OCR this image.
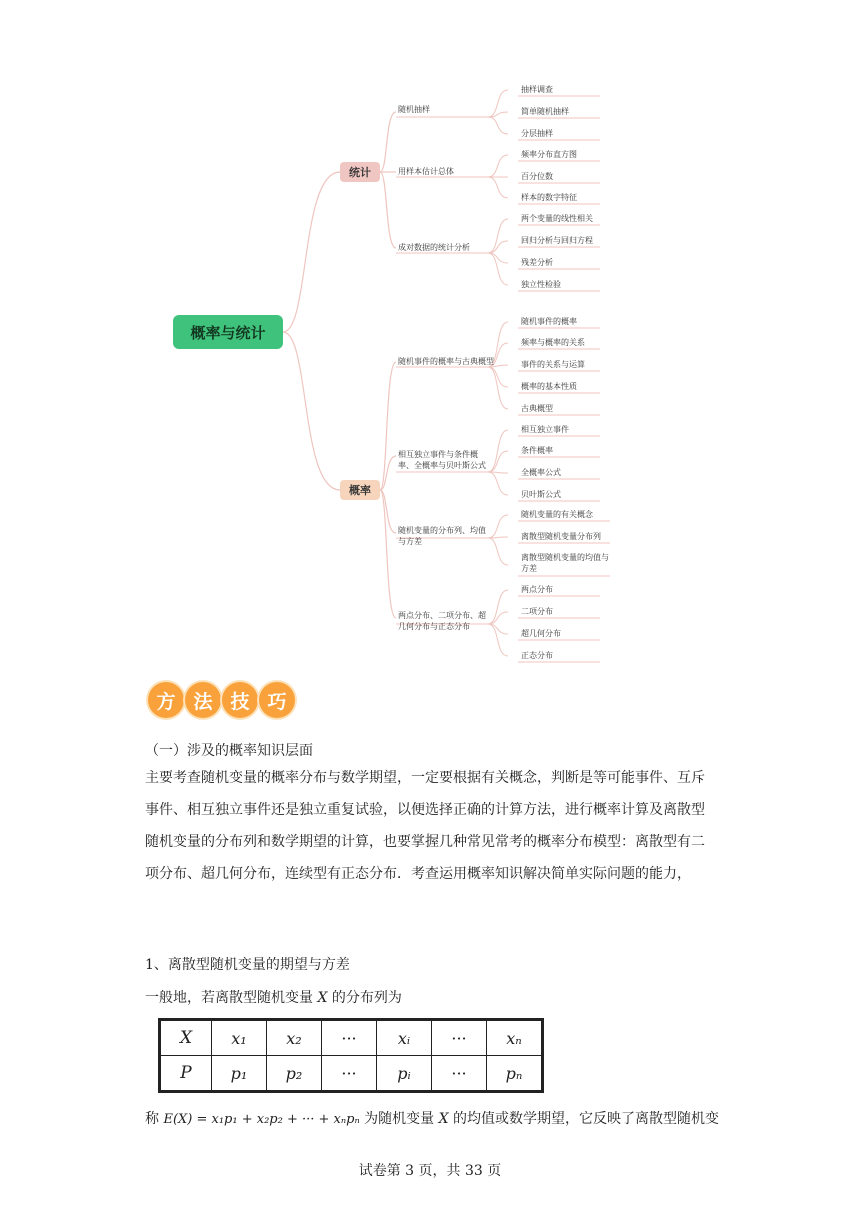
概率与统计
统计
概率
随机抽样
用样本估计总体
成对数据的统计分析
抽样调查
简单随机抽样
分层抽样
频率分布直方图
百分位数
样本的数字特征
两个变量的线性相关
回归分析与回归方程
残差分析
独立性检验
随机事件的概率与古典概型
相互独立事件与条件概率、全概率与贝叶斯公式
随机变量的分布列、均值与方差
两点分布、二项分布、超几何分布与正态分布
随机事件的概率
频率与概率的关系
事件的关系与运算
概率的基本性质
古典概型
相互独立事件
条件概率
全概率公式
贝叶斯公式
随机变量的有关概念
离散型随机变量分布列
离散型随机变量的均值与方差
两点分布
二项分布
超几何分布
正态分布
方 法 技 巧
（一）涉及的概率知识层面
主要考查随机变量的概率分布与数学期望，一定要根据有关概念，判断是等可能事件、互斥事件、相互独立事件还是独立重复试验，以便选择正确的计算方法，进行概率计算及离散型随机变量的分布列和数学期望的计算，也要掌握几种常见常考的概率分布模型：离散型有二项分布、超几何分布，连续型有正态分布．考查运用概率知识解决简单实际问题的能力，
1、离散型随机变量的期望与方差
一般地，若离散型随机变量 X 的分布列为
X	x₁	x₂	···	xᵢ	···	xₙ
P	p₁	p₂	···	pᵢ	···	pₙ
称 E(X) = x₁p₁ + x₂p₂ + ··· + xₙpₙ 为随机变量 X 的均值或数学期望，它反映了离散型随机变
试卷第 3 页，共 33 页
